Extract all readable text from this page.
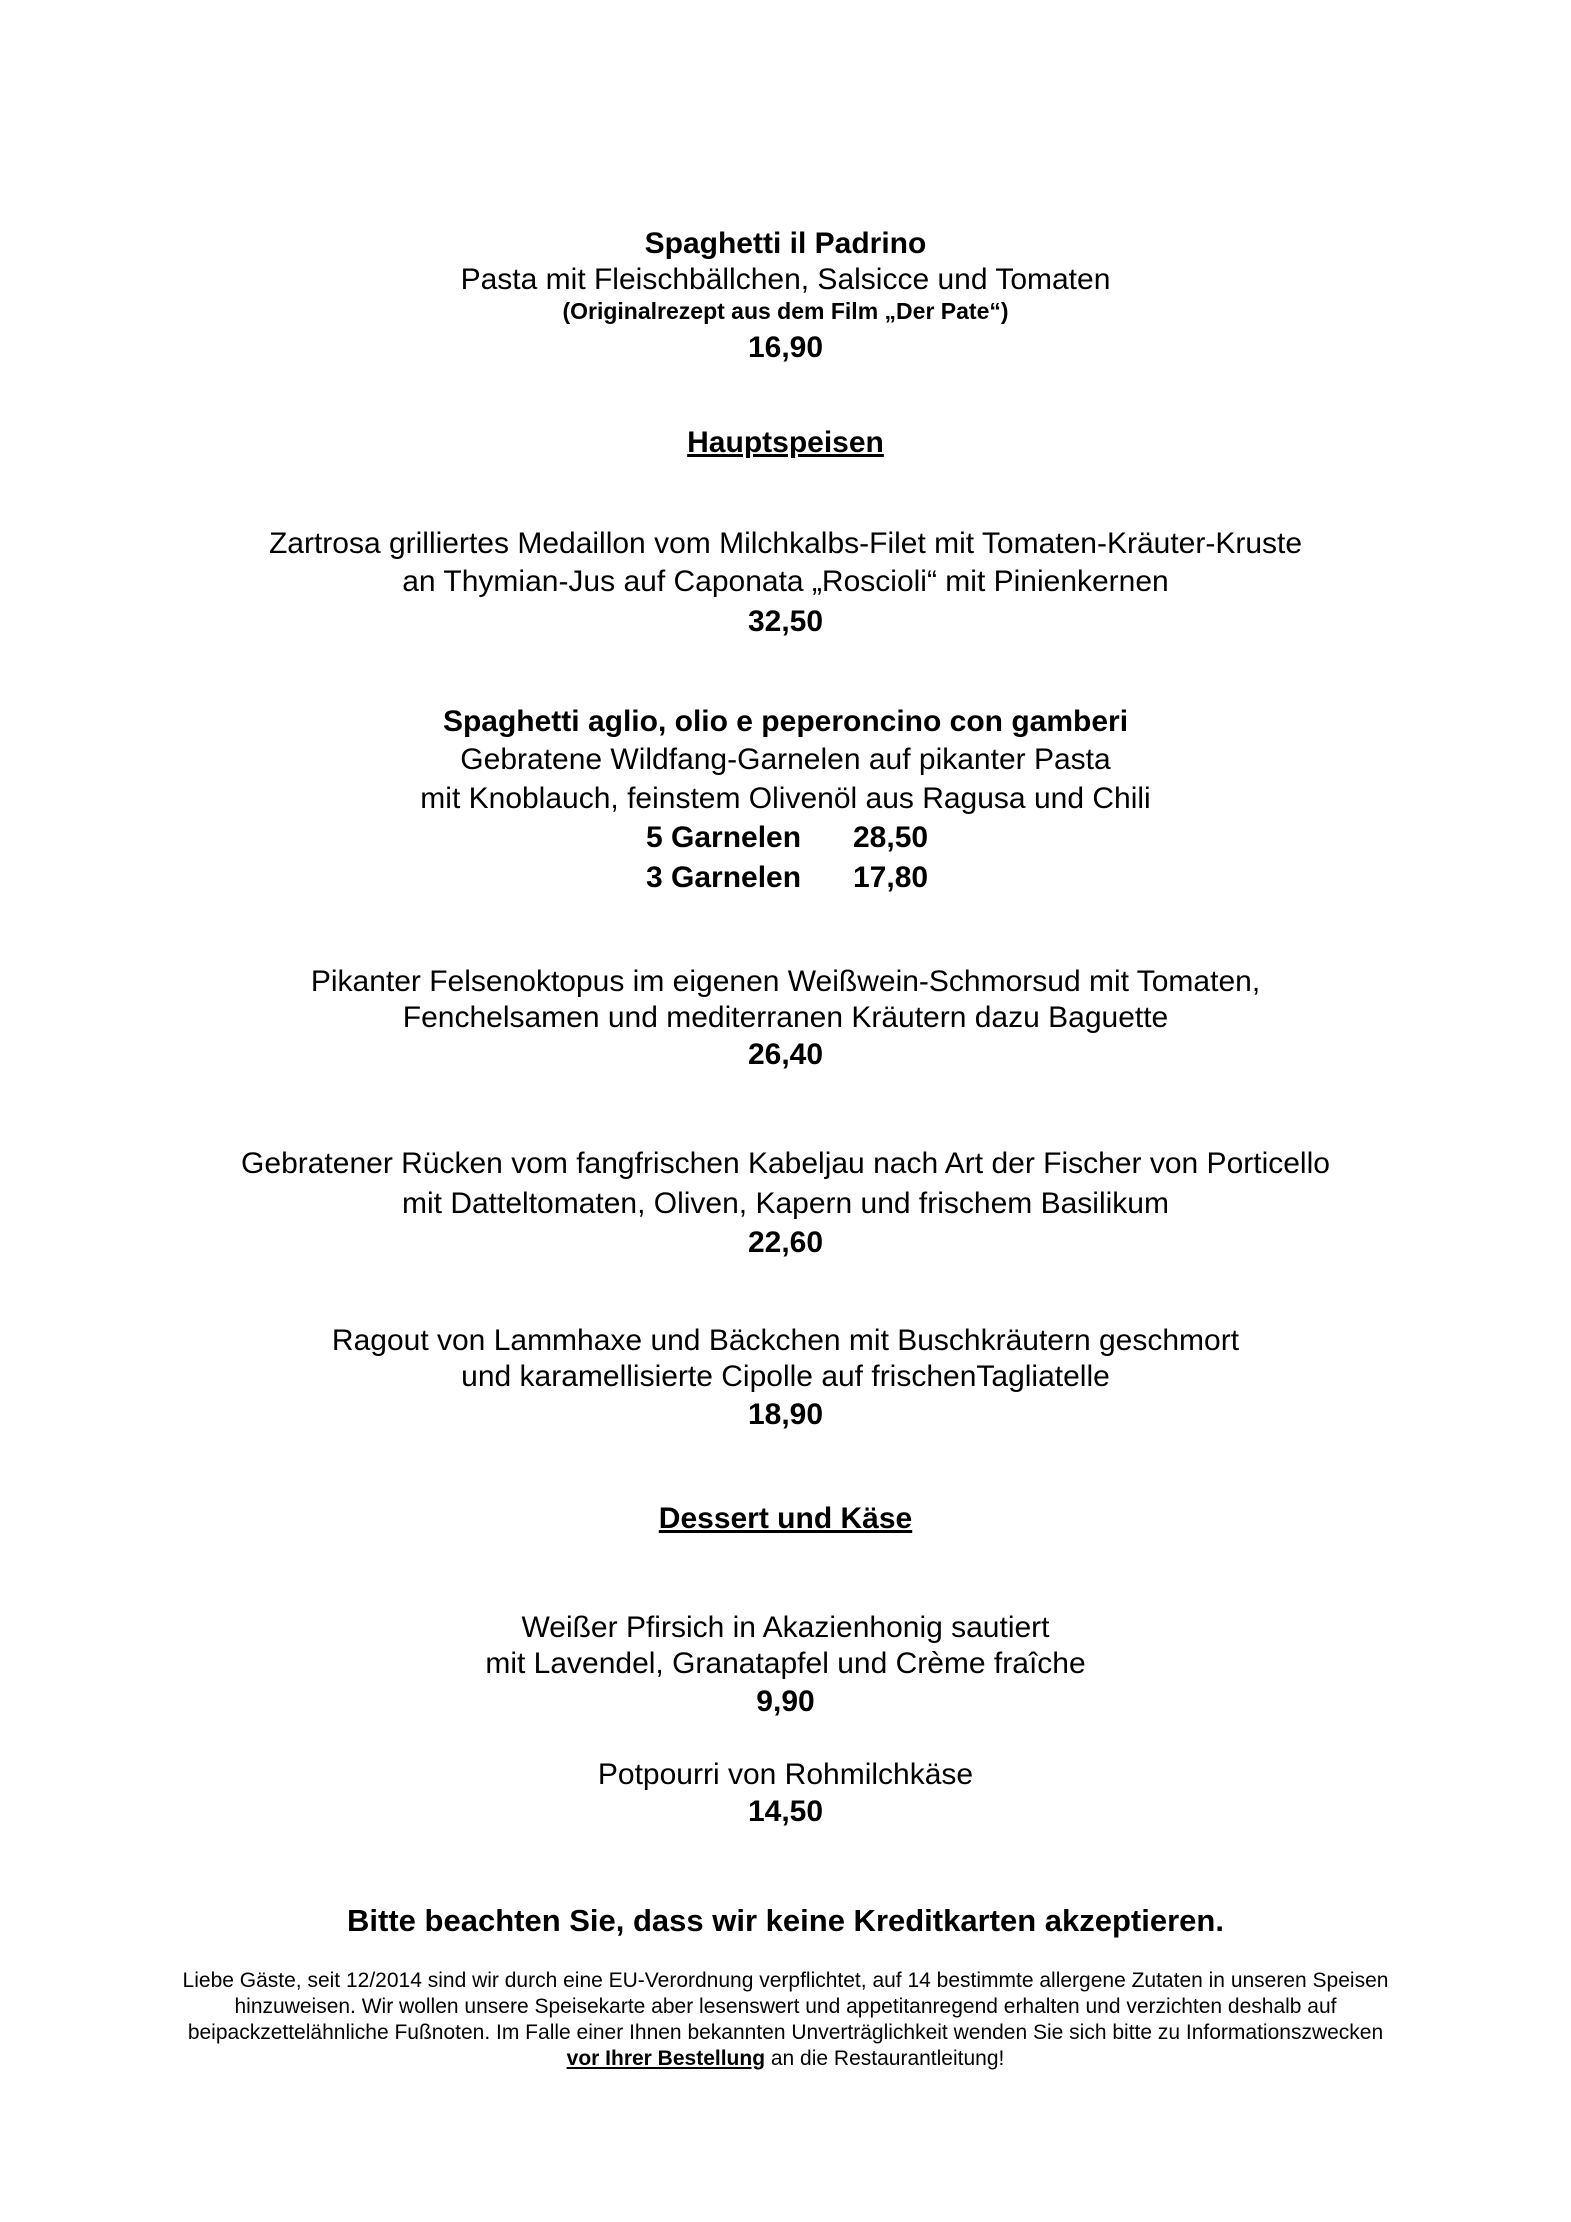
Spaghetti il Padrino
Pasta mit Fleischbällchen, Salsicce und Tomaten
(Originalrezept aus dem Film „Der Pate“)
16,90
Hauptspeisen
Zartrosa grilliertes Medaillon vom Milchkalbs-Filet mit Tomaten-Kräuter-Kruste
an Thymian-Jus auf Caponata „Roscioli“ mit Pinienkernen
32,50
Spaghetti aglio, olio e peperoncino con gamberi
Gebratene Wildfang-Garnelen auf pikanter Pasta
mit Knoblauch, feinstem Olivenöl aus Ragusa und Chili
5 Garnelen 28,50
3 Garnelen 17,80
Pikanter Felsenoktopus im eigenen Weißwein-Schmorsud mit Tomaten,
Fenchelsamen und mediterranen Kräutern dazu Baguette
26,40
Gebratener Rücken vom fangfrischen Kabeljau nach Art der Fischer von Porticello
mit Datteltomaten, Oliven, Kapern und frischem Basilikum
22,60
Ragout von Lammhaxe und Bäckchen mit Buschkräutern geschmort
und karamellisierte Cipolle auf frischenTagliatelle
18,90
Dessert und Käse
Weißer Pfirsich in Akazienhonig sautiert
mit Lavendel, Granatapfel und Crème fraîche
9,90
Potpourri von Rohmilchkäse
14,50
Bitte beachten Sie, dass wir keine Kreditkarten akzeptieren.
Liebe Gäste, seit 12/2014 sind wir durch eine EU-Verordnung verpflichtet, auf 14 bestimmte allergene Zutaten in unseren Speisen hinzuweisen. Wir wollen unsere Speisekarte aber lesenswert und appetitanregend erhalten und verzichten deshalb auf beipackzettelähnliche Fußnoten. Im Falle einer Ihnen bekannten Unverträglichkeit wenden Sie sich bitte zu Informationszwecken vor Ihrer Bestellung an die Restaurantleitung!
